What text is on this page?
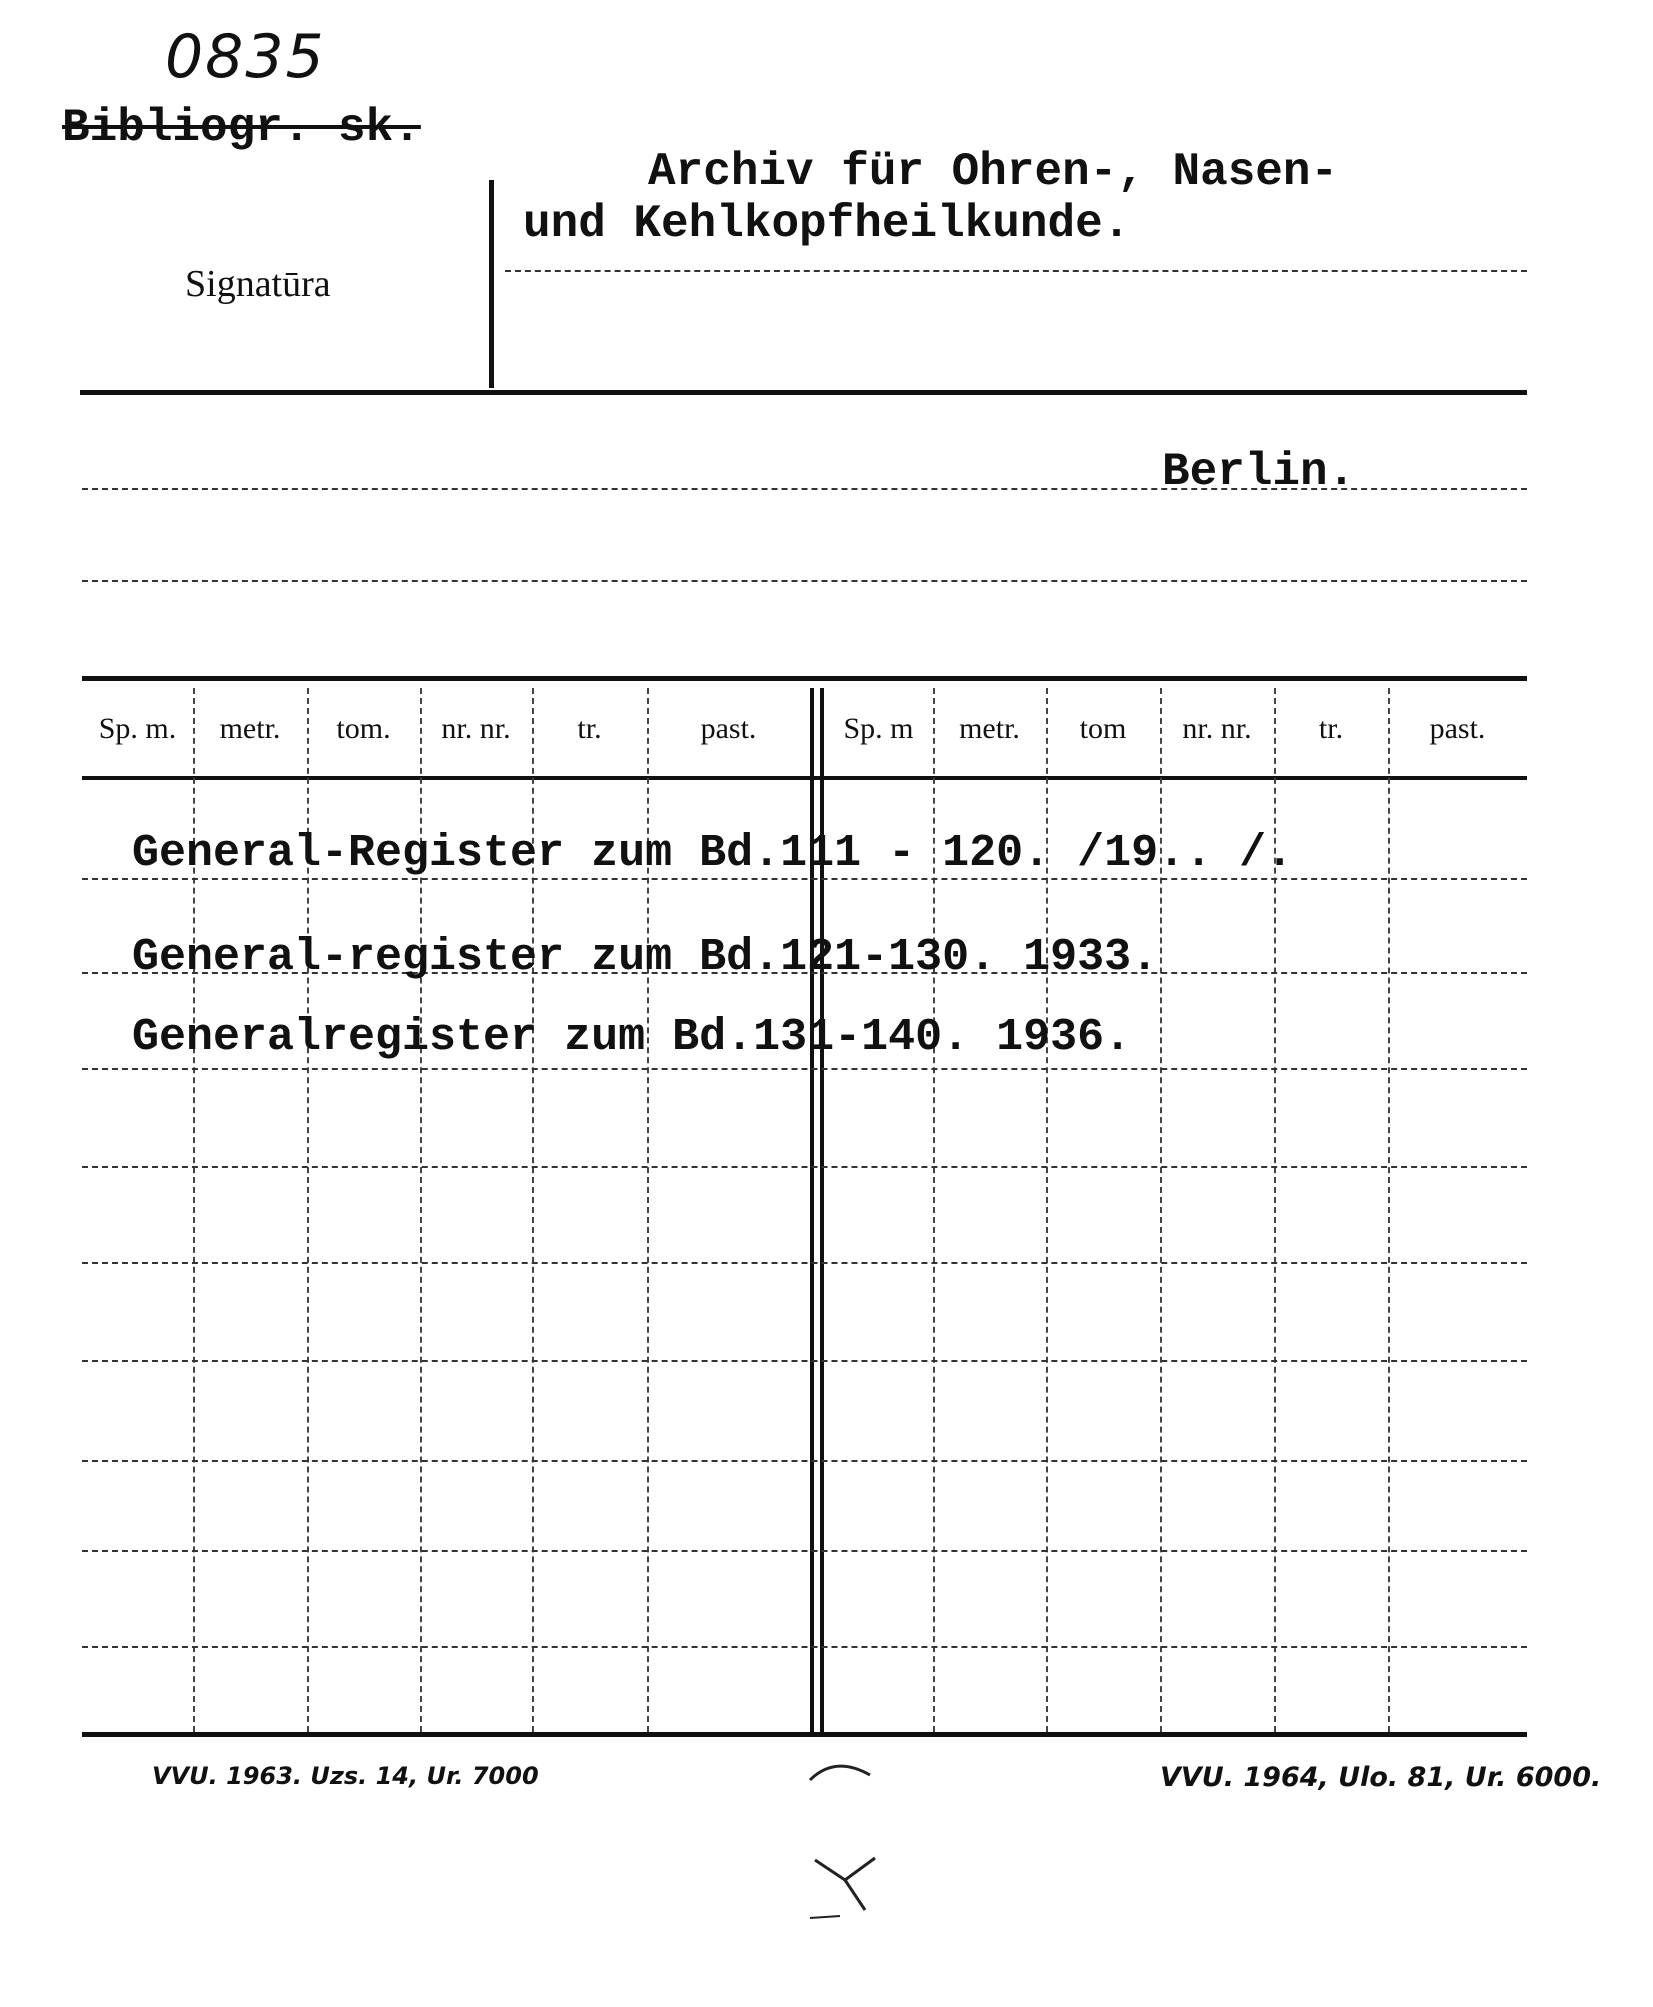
0835
Bibliogr. sk.
Signatūra
Archiv für Ohren-, Nasen-
und Kehlkopfheilkunde.
Berlin.
Sp. m.	metr.	tom.	nr. nr.	tr.	past.	Sp. m	metr.	tom	nr. nr.	tr.	past.
General-Register zum Bd.111 - 120. /19.. /.
General-register zum Bd.121-130. 1933.
Generalregister zum Bd.131-140. 1936.
VVU. 1963. Uzs. 14, Ur. 7000	VVU. 1964, Ulo. 81, Ur. 6000.
